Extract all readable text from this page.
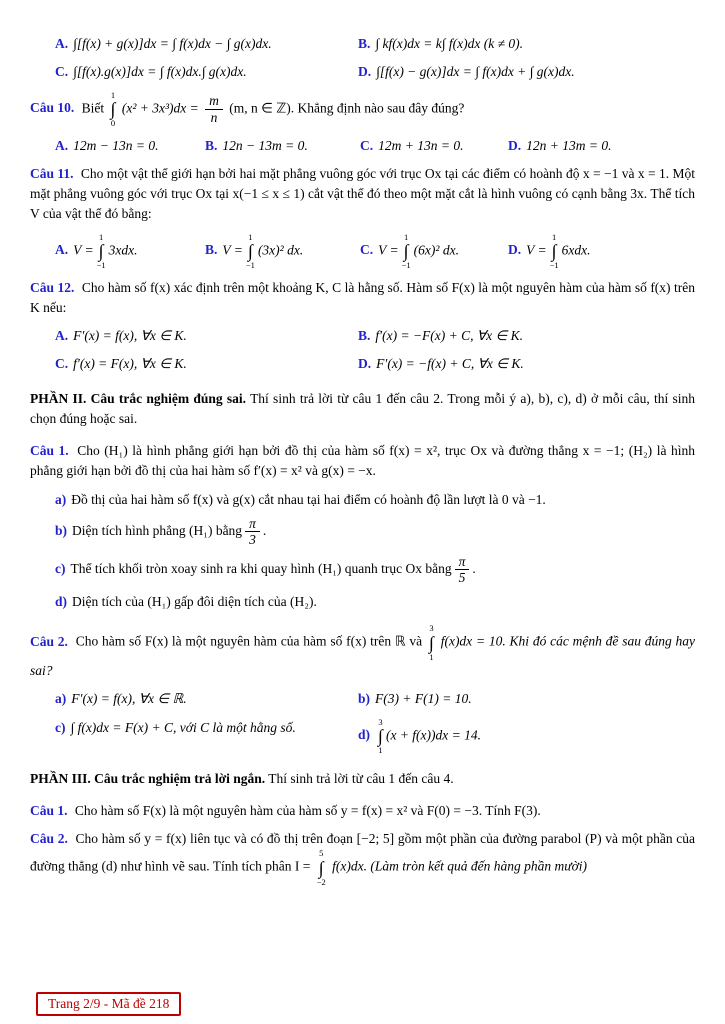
A. ∫[f(x) + g(x)]dx = ∫ f(x)dx − ∫ g(x)dx.	B. ∫ kf(x)dx = k∫ f(x)dx (k ≠ 0).
C. ∫[f(x).g(x)]dx = ∫ f(x)dx.∫ g(x)dx.	D. ∫[f(x) − g(x)]dx = ∫ f(x)dx + ∫ g(x)dx.

Câu 10. Biết
1
∫
0
$(x^2 + 3x^3)dx = \frac{m}{n} (m$, n ∈ ℤ). Khẳng định nào sau đây đúng?

A. 12m − 13n = 0.	B. 12n − 13m = 0.	C. 12m + 13n = 0.	D. 12n + 13m = 0.

Câu 11. Cho một vật thể giới hạn bởi hai mặt phẳng vuông góc với trục Ox tại các điểm có hoành độ x = −1 và x = 1. Một mặt phẳng vuông góc với trục Ox tại x(−1 ≤ x ≤ 1) cắt vật thể đó theo một mặt cắt là hình vuông có cạnh bằng 3x. Thể tích V của vật thể đó bằng:

A. V =
1
∫
−1
3xdx.	B. V =
1
∫
−1
(3x)² dx.	C. V =
1
∫
−1
(6x)² dx.	D. V =
1
∫
−1
6xdx.

Câu 12. Cho hàm số f(x) xác định trên một khoảng K, C là hằng số. Hàm số F(x) là một nguyên hàm của hàm số f(x) trên K nếu:

A. F′(x) = f(x), ∀x ∈ K.	B. f′(x) = −F(x) + C, ∀x ∈ K.
C. f′(x) = F(x), ∀x ∈ K.	D. F′(x) = −f(x) + C, ∀x ∈ K.

PHẦN II. Câu trắc nghiệm đúng sai. Thí sinh trả lời từ câu 1 đến câu 2. Trong mỗi ý a), b), c), d) ở mỗi câu, thí sinh chọn đúng hoặc sai.

Câu 1. Cho (H₁) là hình phẳng giới hạn bởi đồ thị của hàm số f(x) = x², trục Ox và đường thẳng x = −1; (H₂) là hình phẳng giới hạn bởi đồ thị của hai hàm số f′(x) = x² và g(x) = −x.

a) Đồ thị của hai hàm số f(x) và g(x) cắt nhau tại hai điểm có hoành độ lần lượt là 0 và −1.
b) Diện tích hình phẳng (H₁) bằng $\frac{\pi}{3}$ .
c) Thể tích khối tròn xoay sinh ra khi quay hình (H₁) quanh trục Ox bằng $\frac{\pi}{5}$ .
d) Diện tích của (H₁) gấp đôi diện tích của (H₂).

Câu 2. Cho hàm số F(x) là một nguyên hàm của hàm số f(x) trên ℝ và
3
∫
1
f(x)dx = 10. Khi đó các mệnh đề sau đúng hay sai?

a) F′(x) = f(x), ∀x ∈ ℝ.	b) F(3) + F(1) = 10.
c) ∫ f(x)dx = F(x) + C, với C là một hằng số.
d)
3
∫
1
(x + f(x))dx = 14.

PHẦN III. Câu trắc nghiệm trả lời ngắn. Thí sinh trả lời từ câu 1 đến câu 4.

Câu 1. Cho hàm số F(x) là một nguyên hàm của hàm số y = f(x) = x² và F(0) = −3. Tính F(3).

Câu 2. Cho hàm số y = f(x) liên tục và có đồ thị trên đoạn [−2; 5] gồm một phần của đường parabol (P) và một phần của đường thẳng (d) như hình vẽ sau. Tính tích phân I =
5
∫
−2
f(x)dx. (Làm tròn kết quả đến hàng phần mười)

Trang 2/9 - Mã đề 218
